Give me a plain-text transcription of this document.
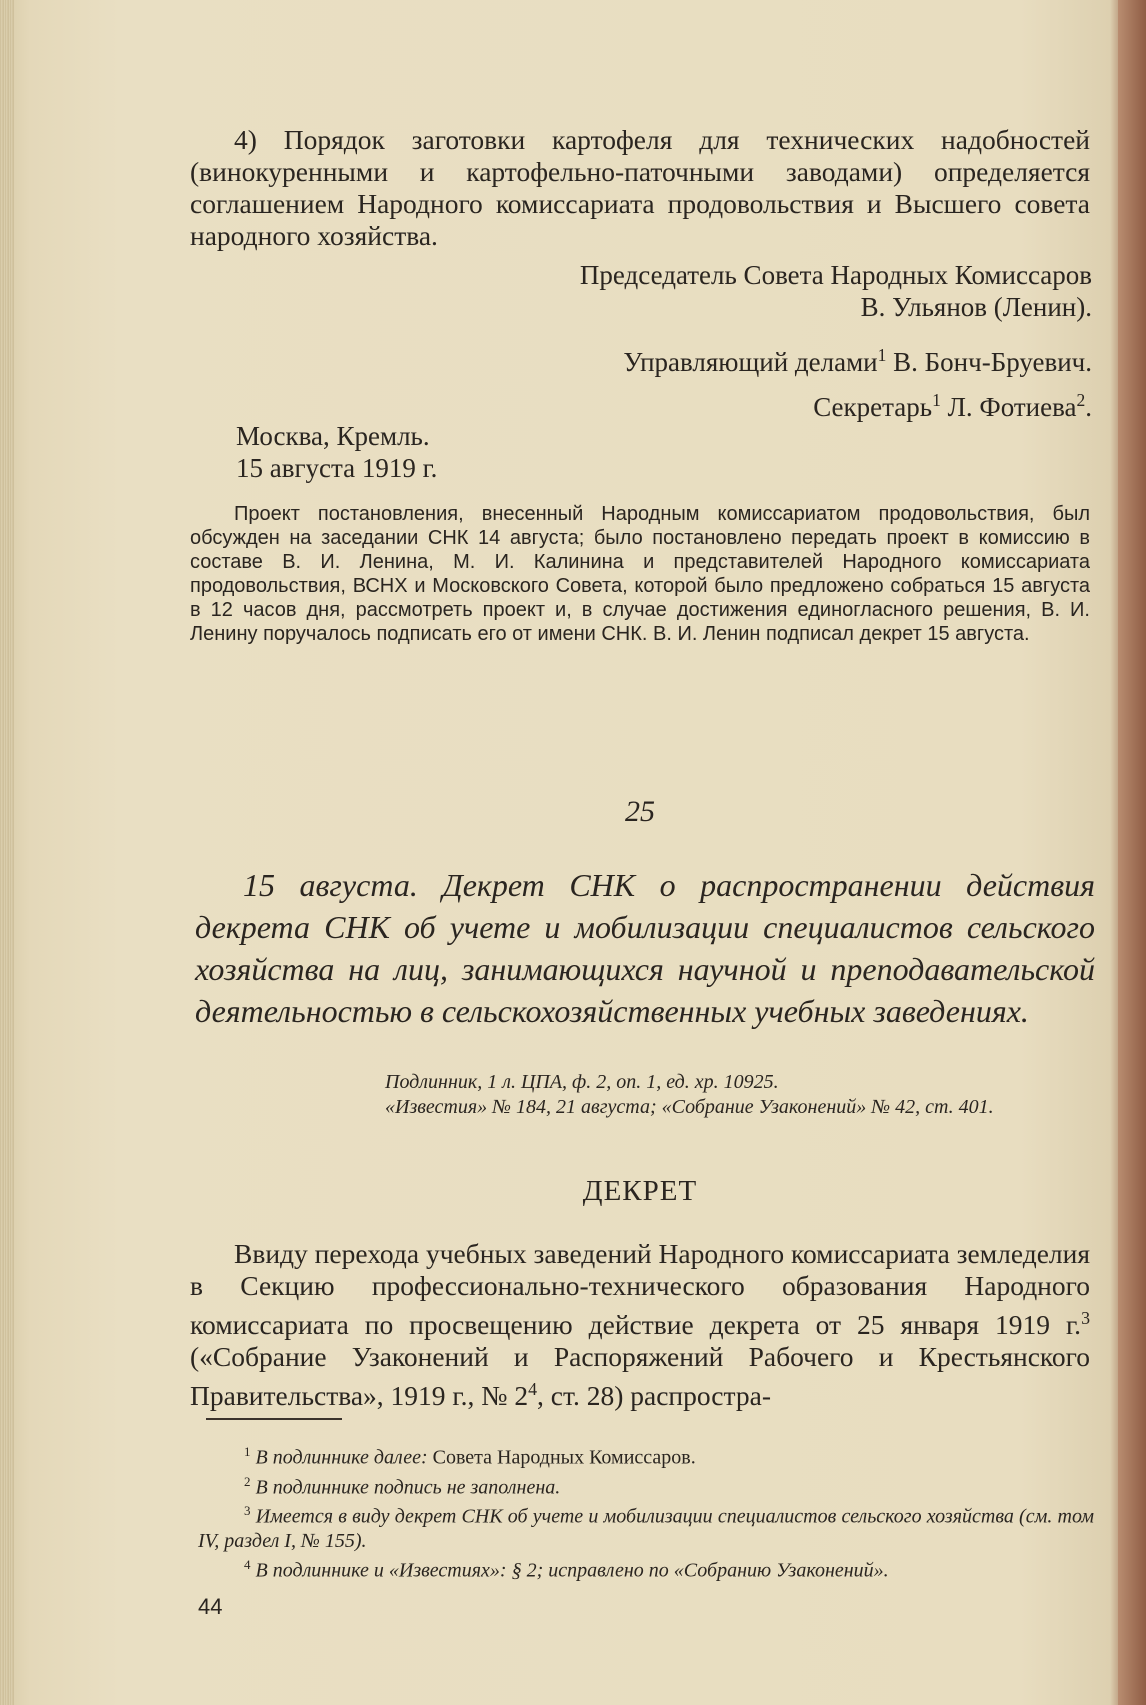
4) Порядок заготовки картофеля для технических надобностей (винокуренными и картофельно-паточными заводами) определяется соглашением Народного комиссариата продовольствия и Высшего совета народного хозяйства.
Председатель Совета Народных Комиссаров
В. Ульянов (Ленин).
Управляющий делами$^1$ В. Бонч-Бруевич.
Секретарь$^1$ Л. Фотиева$^2$.
Москва, Кремль.
15 августа 1919 г.
Проект постановления, внесенный Народным комиссариатом продовольствия, был обсужден на заседании СНК 14 августа; было постановлено передать проект в комиссию в составе В. И. Ленина, М. И. Калинина и представителей Народного комиссариата продовольствия, ВСНХ и Московского Совета, которой было предложено собраться 15 августа в 12 часов дня, рассмотреть проект и, в случае достижения единогласного решения, В. И. Ленину поручалось подписать его от имени СНК. В. И. Ленин подписал декрет 15 августа.
25
15 августа. Декрет СНК о распространении действия декрета СНК об учете и мобилизации специалистов сельского хозяйства на лиц, занимающихся научной и преподавательской деятельностью в сельскохозяйственных учебных заведениях.
Подлинник, 1 л. ЦПА, ф. 2, оп. 1, ед. хр. 10925.
«Известия» № 184, 21 августа; «Собрание Узаконений» № 42, ст. 401.
ДЕКРЕТ
Ввиду перехода учебных заведений Народного комиссариата земледелия в Секцию профессионально-технического образования Народного комиссариата по просвещению действие декрета от 25 января 1919 г.$^3$ («Собрание Узаконений и Распоряжений Рабочего и Крестьянского Правительства», 1919 г., № $2^4$, ст. 28) распростра-
$^1$ В подлиннике далее: Совета Народных Комиссаров.
$^2$ В подлиннике подпись не заполнена.
$^3$ Имеется в виду декрет СНК об учете и мобилизации специалистов сельского хозяйства (см. том IV, раздел I, № 155).
$^4$ В подлиннике и «Известиях»: § 2; исправлено по «Собранию Узаконений».
44
